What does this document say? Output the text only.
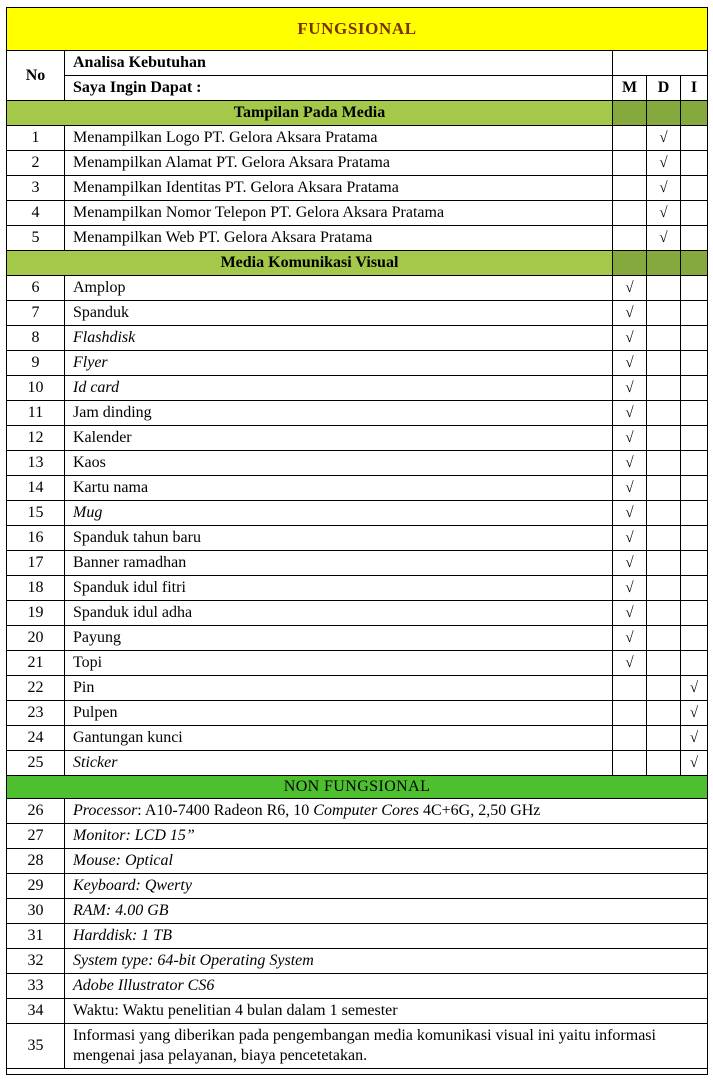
FUNGSIONAL				
No	Analisa Kebutuhan			
	Saya Ingin Dapat :	M	D	I
Tampilan Pada Media				
1	Menampilkan Logo PT. Gelora Aksara Pratama		√	
2	Menampilkan Alamat PT. Gelora Aksara Pratama		√	
3	Menampilkan Identitas PT. Gelora Aksara Pratama		√	
4	Menampilkan Nomor Telepon PT. Gelora Aksara Pratama		√	
5	Menampilkan Web PT. Gelora Aksara Pratama		√	
Media Komunikasi Visual				
6	Amplop	√		
7	Spanduk	√		
8	Flashdisk	√		
9	Flyer	√		
10	Id card	√		
11	Jam dinding	√		
12	Kalender	√		
13	Kaos	√		
14	Kartu nama	√		
15	Mug	√		
16	Spanduk tahun baru	√		
17	Banner ramadhan	√		
18	Spanduk idul fitri	√		
19	Spanduk idul adha	√		
20	Payung	√		
21	Topi	√		
22	Pin			√
23	Pulpen			√
24	Gantungan kunci			√
25	Sticker			√
NON FUNGSIONAL				
26	Processor: A10-7400 Radeon R6, 10 Computer Cores 4C+6G, 2,50 GHz			
27	Monitor: LCD 15”			
28	Mouse: Optical			
29	Keyboard: Qwerty			
30	RAM: 4.00 GB			
31	Harddisk: 1 TB			
32	System type: 64-bit Operating System			
33	Adobe Illustrator CS6			
34	Waktu: Waktu penelitian 4 bulan dalam 1 semester			
35	Informasi yang diberikan pada pengembangan media komunikasi visual ini yaitu informasi mengenai jasa pelayanan, biaya pencetetakan.			
